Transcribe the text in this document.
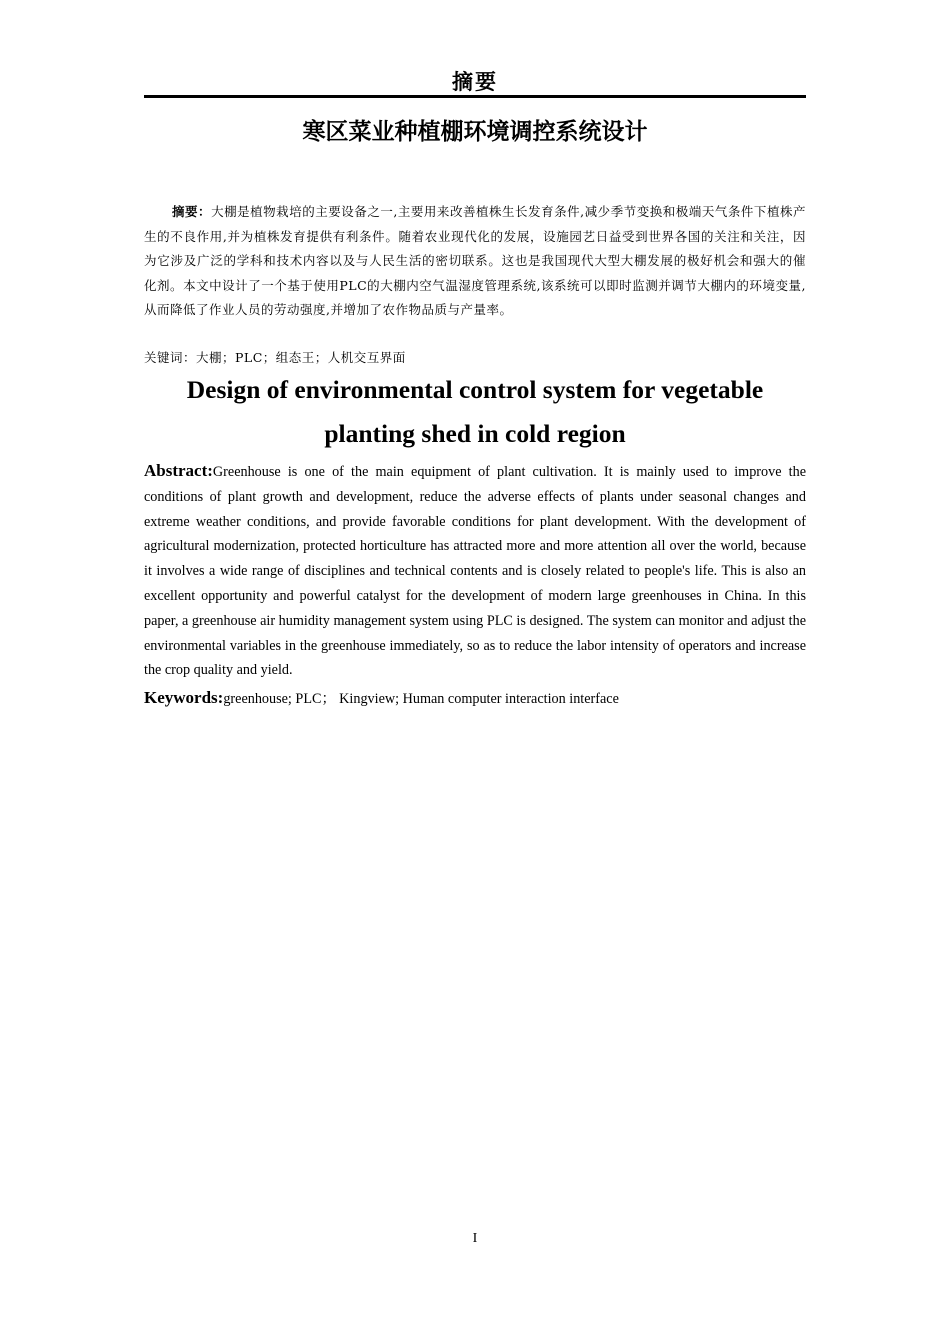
摘要
寒区菜业种植棚环境调控系统设计
摘要：大棚是植物栽培的主要设备之一,主要用来改善植株生长发育条件,减少季节变换和极端天气条件下植株产生的不良作用,并为植株发育提供有利条件。随着农业现代化的发展，设施园艺日益受到世界各国的关注和关注，因为它涉及广泛的学科和技术内容以及与人民生活的密切联系。这也是我国现代大型大棚发展的极好机会和强大的催化剂。本文中设计了一个基于使用PLC的大棚内空气温湿度管理系统,该系统可以即时监测并调节大棚内的环境变量,从而降低了作业人员的劳动强度,并增加了农作物品质与产量率。
关键词：大棚；PLC；组态王；人机交互界面
Design of environmental control system for vegetable planting shed in cold region
Abstract:Greenhouse is one of the main equipment of plant cultivation. It is mainly used to improve the conditions of plant growth and development, reduce the adverse effects of plants under seasonal changes and extreme weather conditions, and provide favorable conditions for plant development. With the development of agricultural modernization, protected horticulture has attracted more and more attention all over the world, because it involves a wide range of disciplines and technical contents and is closely related to people's life. This is also an excellent opportunity and powerful catalyst for the development of modern large greenhouses in China. In this paper, a greenhouse air humidity management system using PLC is designed. The system can monitor and adjust the environmental variables in the greenhouse immediately, so as to reduce the labor intensity of operators and increase the crop quality and yield.
Keywords:greenhouse; PLC； Kingview; Human computer interaction interface
I
